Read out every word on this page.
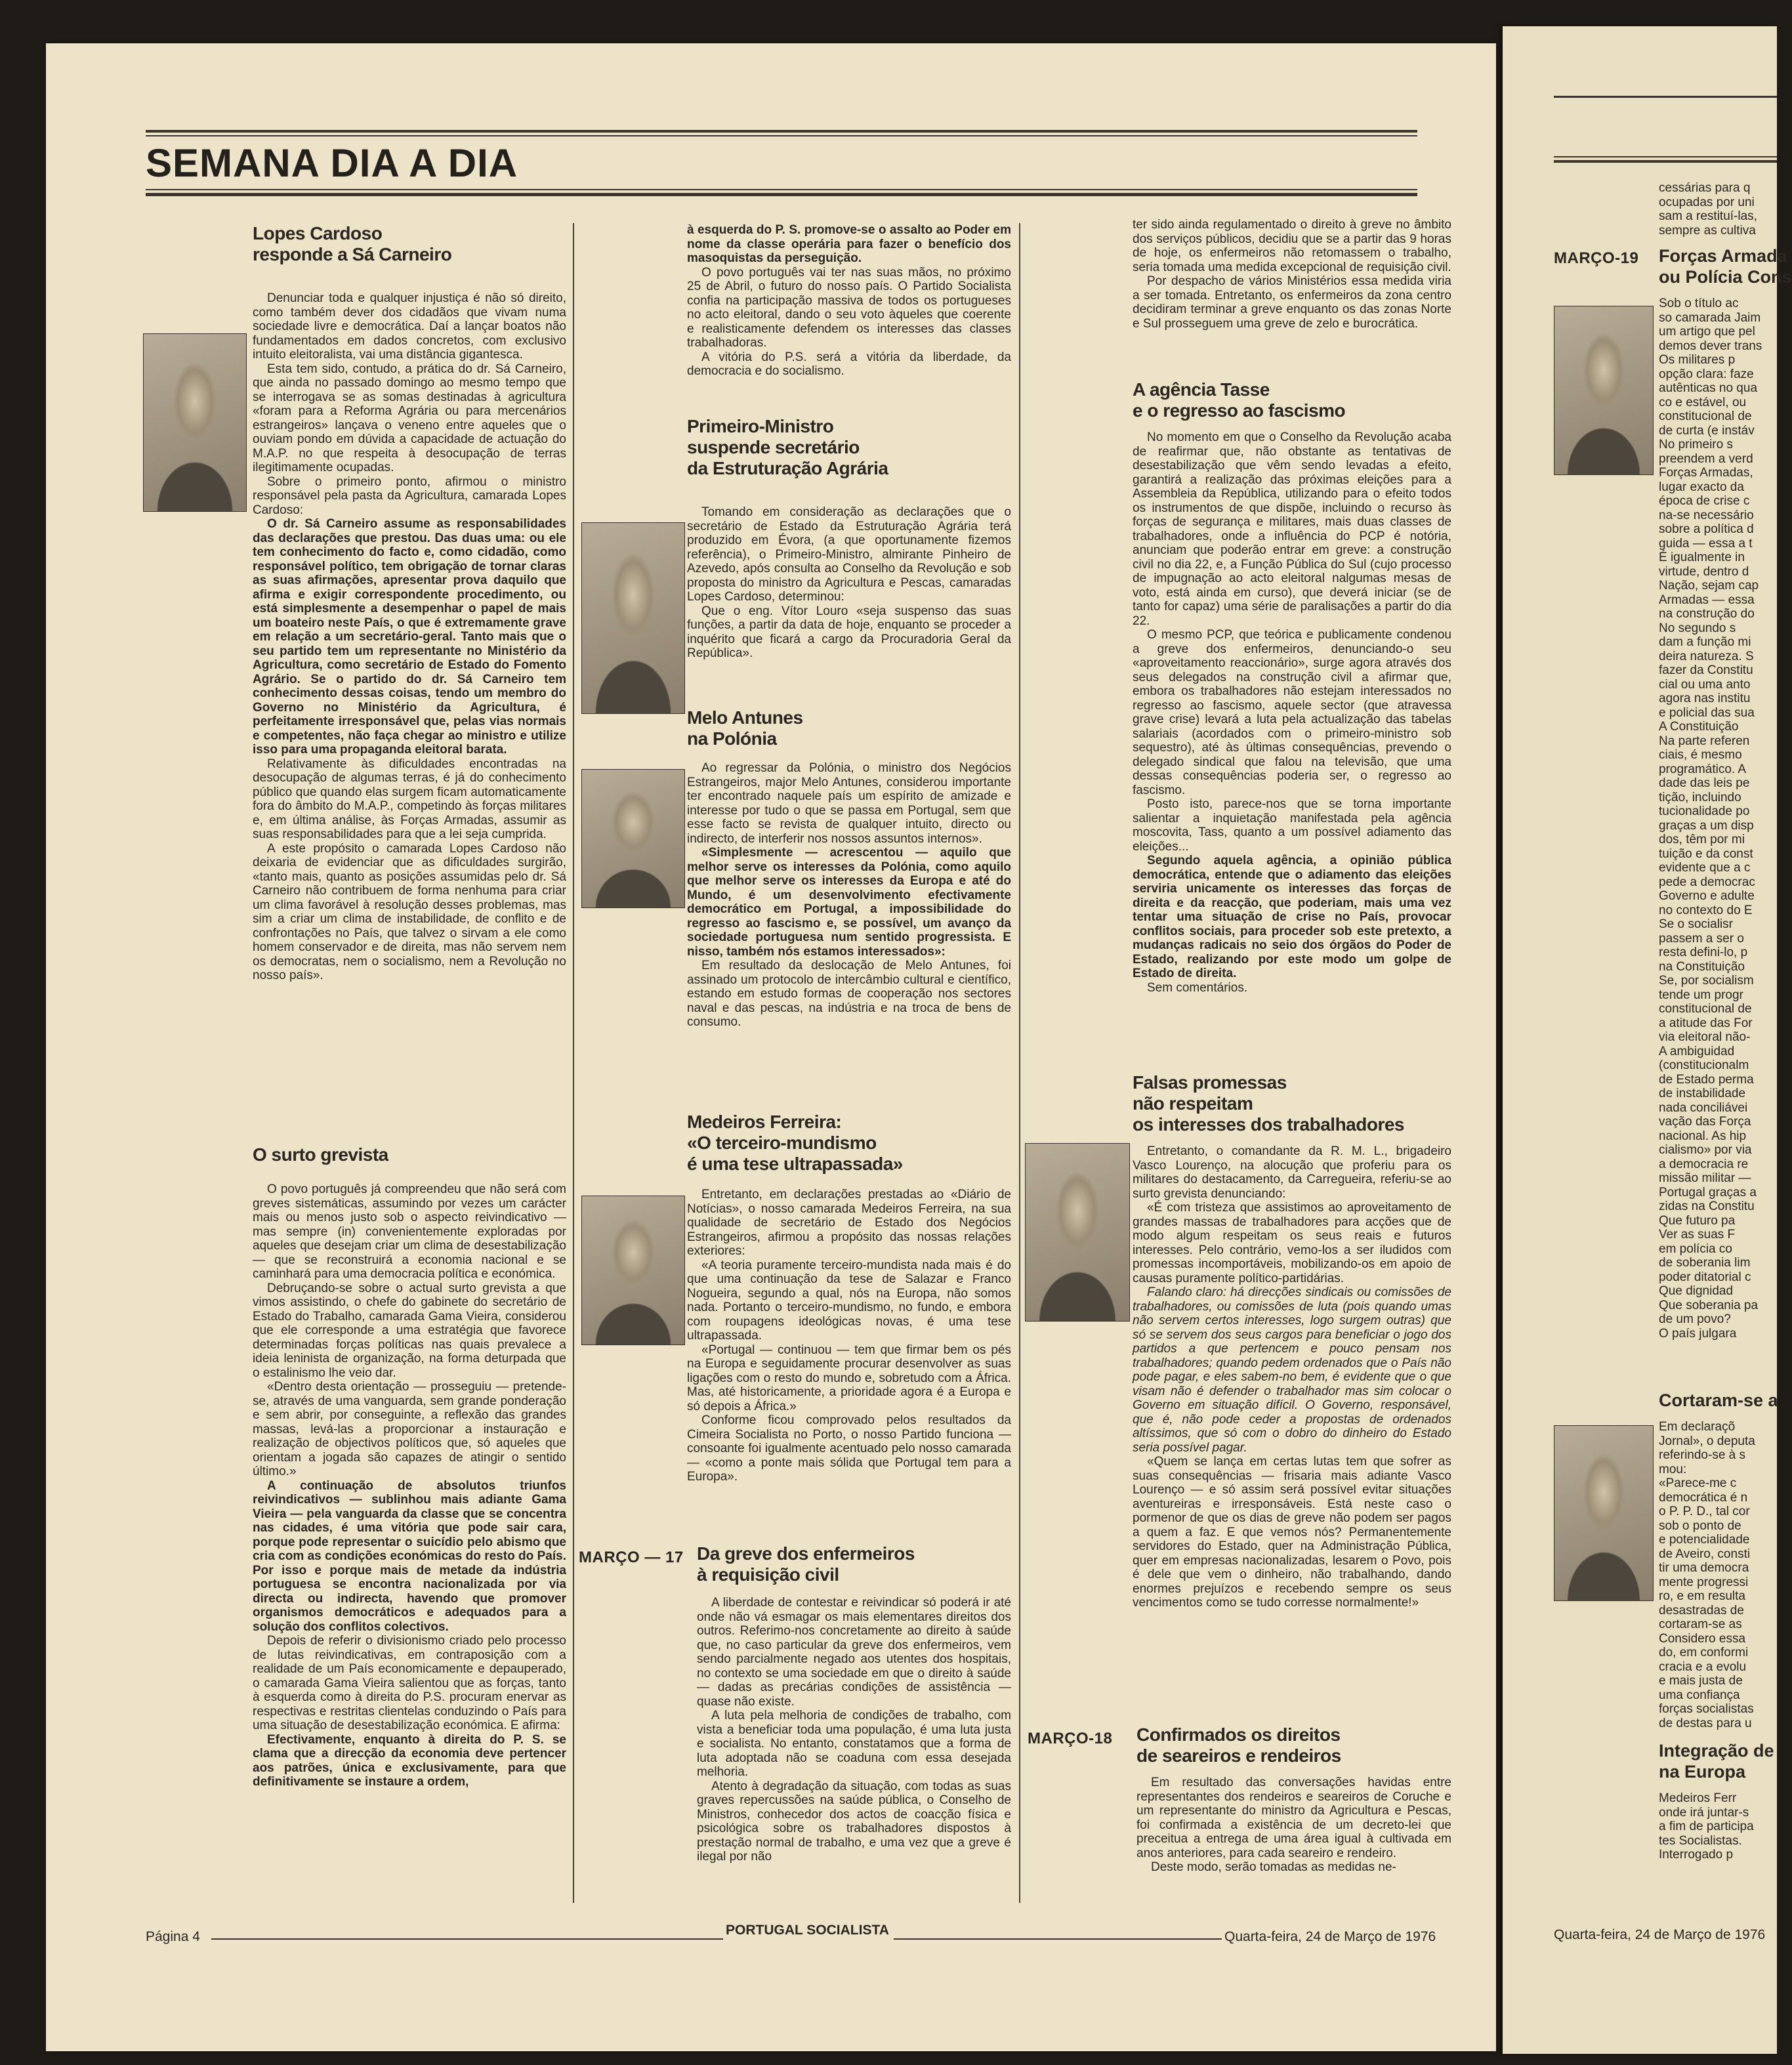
SEMANA DIA A DIA
Lopes Cardoso
responde a Sá Carneiro

Denunciar toda e qualquer injustiça é não só direito, como também dever dos cidadãos que vivam numa sociedade livre e democrática. Daí a lançar boatos não fundamentados em dados concretos, com exclusivo intuito eleitoralista, vai uma distância gigantesca.

Esta tem sido, contudo, a prática do dr. Sá Carneiro, que ainda no passado domingo ao mesmo tempo que se interrogava se as somas destinadas à agricultura «foram para a Reforma Agrária ou para mercenários estrangeiros» lançava o veneno entre aqueles que o ouviam pondo em dúvida a capacidade de actuação do M.A.P. no que respeita à desocupação de terras ilegitimamente ocupadas.

Sobre o primeiro ponto, afirmou o ministro responsável pela pasta da Agricultura, camarada Lopes Cardoso:

O dr. Sá Carneiro assume as responsabilidades das declarações que prestou. Das duas uma: ou ele tem conhecimento do facto e, como cidadão, como responsável político, tem obrigação de tornar claras as suas afirmações, apresentar prova daquilo que afirma e exigir correspondente procedimento, ou está simplesmente a desempenhar o papel de mais um boateiro neste País, o que é extremamente grave em relação a um secretário-geral. Tanto mais que o seu partido tem um representante no Ministério da Agricultura, como secretário de Estado do Fomento Agrário. Se o partido do dr. Sá Carneiro tem conhecimento dessas coisas, tendo um membro do Governo no Ministério da Agricultura, é perfeitamente irresponsável que, pelas vias normais e competentes, não faça chegar ao ministro e utilize isso para uma propaganda eleitoral barata.

Relativamente às dificuldades encontradas na desocupação de algumas terras, é já do conhecimento público que quando elas surgem ficam automaticamente fora do âmbito do M.A.P., competindo às forças militares e, em última análise, às Forças Armadas, assumir as suas responsabilidades para que a lei seja cumprida.

A este propósito o camarada Lopes Cardoso não deixaria de evidenciar que as dificuldades surgirão, «tanto mais, quanto as posições assumidas pelo dr. Sá Carneiro não contribuem de forma nenhuma para criar um clima favorável à resolução desses problemas, mas sim a criar um clima de instabilidade, de conflito e de confrontações no País, que talvez o sirvam a ele como homem conservador e de direita, mas não servem nem os democratas, nem o socialismo, nem a Revolução no nosso país».

O surto grevista

O povo português já compreendeu que não será com greves sistemáticas, assumindo por vezes um carácter mais ou menos justo sob o aspecto reivindicativo — mas sempre (in) convenientemente exploradas por aqueles que desejam criar um clima de desestabilização — que se reconstruirá a economia nacional e se caminhará para uma democracia política e económica.

Debruçando-se sobre o actual surto grevista a que vimos assistindo, o chefe do gabinete do secretário de Estado do Trabalho, camarada Gama Vieira, considerou que ele corresponde a uma estratégia que favorece determinadas forças políticas nas quais prevalece a ideia leninista de organização, na forma deturpada que o estalinismo lhe veio dar.

«Dentro desta orientação — prosseguiu — pretende-se, através de uma vanguarda, sem grande ponderação e sem abrir, por conseguinte, a reflexão das grandes massas, levá-las a proporcionar a instauração e realização de objectivos políticos que, só aqueles que orientam a jogada são capazes de atingir o sentido último.»

A continuação de absolutos triunfos reivindicativos — sublinhou mais adiante Gama Vieira — pela vanguarda da classe que se concentra nas cidades, é uma vitória que pode sair cara, porque pode representar o suicídio pelo abismo que cria com as condições económicas do resto do País. Por isso e porque mais de metade da indústria portuguesa se encontra nacionalizada por via directa ou indirecta, havendo que promover organismos democráticos e adequados para a solução dos conflitos colectivos.

Depois de referir o divisionismo criado pelo processo de lutas reivindicativas, em contraposição com a realidade de um País economicamente e depauperado, o camarada Gama Vieira salientou que as forças, tanto à esquerda como à direita do P.S. procuram enervar as respectivas e restritas clientelas conduzindo o País para uma situação de desestabilização económica. E afirma:

Efectivamente, enquanto à direita do P. S. se clama que a direcção da economia deve pertencer aos patrões, única e exclusivamente, para que definitivamente se instaure a ordem,

à esquerda do P. S. promove-se o assalto ao Poder em nome da classe operária para fazer o benefício dos masoquistas da perseguição.

O povo português vai ter nas suas mãos, no próximo 25 de Abril, o futuro do nosso país. O Partido Socialista confia na participação massiva de todos os portugueses no acto eleitoral, dando o seu voto àqueles que coerente e realisticamente defendem os interesses das classes trabalhadoras.

A vitória do P.S. será a vitória da liberdade, da democracia e do socialismo.

Primeiro-Ministro
suspende secretário
da Estruturação Agrária

Tomando em consideração as declarações que o secretário de Estado da Estruturação Agrária terá produzido em Évora, (a que oportunamente fizemos referência), o Primeiro-Ministro, almirante Pinheiro de Azevedo, após consulta ao Conselho da Revolução e sob proposta do ministro da Agricultura e Pescas, camaradas Lopes Cardoso, determinou:

Que o eng. Vítor Louro «seja suspenso das suas funções, a partir da data de hoje, enquanto se proceder a inquérito que ficará a cargo da Procuradoria Geral da República».

Melo Antunes
na Polónia

Ao regressar da Polónia, o ministro dos Negócios Estrangeiros, major Melo Antunes, considerou importante ter encontrado naquele país um espírito de amizade e interesse por tudo o que se passa em Portugal, sem que esse facto se revista de qualquer intuito, directo ou indirecto, de interferir nos nossos assuntos internos».

«Simplesmente — acrescentou — aquilo que melhor serve os interesses da Polónia, como aquilo que melhor serve os interesses da Europa e até do Mundo, é um desenvolvimento efectivamente democrático em Portugal, a impossibilidade do regresso ao fascismo e, se possível, um avanço da sociedade portuguesa num sentido progressista. E nisso, também nós estamos interessados»:

Em resultado da deslocação de Melo Antunes, foi assinado um protocolo de intercâmbio cultural e científico, estando em estudo formas de cooperação nos sectores naval e das pescas, na indústria e na troca de bens de consumo.

Medeiros Ferreira:
«O terceiro-mundismo
é uma tese ultrapassada»

Entretanto, em declarações prestadas ao «Diário de Notícias», o nosso camarada Medeiros Ferreira, na sua qualidade de secretário de Estado dos Negócios Estrangeiros, afirmou a propósito das nossas relações exteriores:

«A teoria puramente terceiro-mundista nada mais é do que uma continuação da tese de Salazar e Franco Nogueira, segundo a qual, nós na Europa, não somos nada. Portanto o terceiro-mundismo, no fundo, e embora com roupagens ideológicas novas, é uma tese ultrapassada.

«Portugal — continuou — tem que firmar bem os pés na Europa e seguidamente procurar desenvolver as suas ligações com o resto do mundo e, sobretudo com a África. Mas, até historicamente, a prioridade agora é a Europa e só depois a África.»

Conforme ficou comprovado pelos resultados da Cimeira Socialista no Porto, o nosso Partido funciona — consoante foi igualmente acentuado pelo nosso camarada — «como a ponte mais sólida que Portugal tem para a Europa».

MARÇO — 17 Da greve dos enfermeiros
à requisição civil

A liberdade de contestar e reivindicar só poderá ir até onde não vá esmagar os mais elementares direitos dos outros. Referimo-nos concretamente ao direito à saúde que, no caso particular da greve dos enfermeiros, vem sendo parcialmente negado aos utentes dos hospitais, no contexto se uma sociedade em que o direito à saúde — dadas as precárias condições de assistência — quase não existe.

A luta pela melhoria de condições de trabalho, com vista a beneficiar toda uma população, é uma luta justa e socialista. No entanto, constatamos que a forma de luta adoptada não se coaduna com essa desejada melhoria.

Atento à degradação da situação, com todas as suas graves repercussões na saúde pública, o Conselho de Ministros, conhecedor dos actos de coacção física e psicológica sobre os trabalhadores dispostos à prestação normal de trabalho, e uma vez que a greve é ilegal por não

ter sido ainda regulamentado o direito à greve no âmbito dos serviços públicos, decidiu que se a partir das 9 horas de hoje, os enfermeiros não retomassem o trabalho, seria tomada uma medida excepcional de requisição civil.

Por despacho de vários Ministérios essa medida viria a ser tomada. Entretanto, os enfermeiros da zona centro decidiram terminar a greve enquanto os das zonas Norte e Sul prosseguem uma greve de zelo e burocrática.

A agência Tasse
e o regresso ao fascismo

No momento em que o Conselho da Revolução acaba de reafirmar que, não obstante as tentativas de desestabilização que vêm sendo levadas a efeito, garantirá a realização das próximas eleições para a Assembleia da República, utilizando para o efeito todos os instrumentos de que dispõe, incluindo o recurso às forças de segurança e militares, mais duas classes de trabalhadores, onde a influência do PCP é notória, anunciam que poderão entrar em greve: a construção civil no dia 22, e, a Função Pública do Sul (cujo processo de impugnação ao acto eleitoral nalgumas mesas de voto, está ainda em curso), que deverá iniciar (se de tanto for capaz) uma série de paralisações a partir do dia 22.

O mesmo PCP, que teórica e publicamente condenou a greve dos enfermeiros, denunciando-o seu «aproveitamento reaccionário», surge agora através dos seus delegados na construção civil a afirmar que, embora os trabalhadores não estejam interessados no regresso ao fascismo, aquele sector (que atravessa grave crise) levará a luta pela actualização das tabelas salariais (acordados com o primeiro-ministro sob sequestro), até às últimas consequências, prevendo o delegado sindical que falou na televisão, que uma dessas consequências poderia ser, o regresso ao fascismo.

Posto isto, parece-nos que se torna importante salientar a inquietação manifestada pela agência moscovita, Tass, quanto a um possível adiamento das eleições...

Segundo aquela agência, a opinião pública democrática, entende que o adiamento das eleições serviria unicamente os interesses das forças de direita e da reacção, que poderiam, mais uma vez tentar uma situação de crise no País, provocar conflitos sociais, para proceder sob este pretexto, a mudanças radicais no seio dos órgãos do Poder de Estado, realizando por este modo um golpe de Estado de direita.

Sem comentários.

Falsas promessas
não respeitam
os interesses dos trabalhadores

Entretanto, o comandante da R. M. L., brigadeiro Vasco Lourenço, na alocução que proferiu para os militares do destacamento, da Carregueira, referiu-se ao surto grevista denunciando:

«É com tristeza que assistimos ao aproveitamento de grandes massas de trabalhadores para acções que de modo algum respeitam os seus reais e futuros interesses. Pelo contrário, vemo-los a ser iludidos com promessas incomportáveis, mobilizando-os em apoio de causas puramente político-partidárias.

Falando claro: há direcções sindicais ou comissões de trabalhadores, ou comissões de luta (pois quando umas não servem certos interesses, logo surgem outras) que só se servem dos seus cargos para beneficiar o jogo dos partidos a que pertencem e pouco pensam nos trabalhadores; quando pedem ordenados que o País não pode pagar, e eles sabem-no bem, é evidente que o que visam não é defender o trabalhador mas sim colocar o Governo em situação difícil. O Governo, responsável, que é, não pode ceder a propostas de ordenados altíssimos, que só com o dobro do dinheiro do Estado seria possível pagar.

«Quem se lança em certas lutas tem que sofrer as suas consequências — frisaria mais adiante Vasco Lourenço — e só assim será possível evitar situações aventureiras e irresponsáveis. Está neste caso o pormenor de que os dias de greve não podem ser pagos a quem a faz. E que vemos nós? Permanentemente servidores do Estado, quer na Administração Pública, quer em empresas nacionalizadas, lesarem o Povo, pois é dele que vem o dinheiro, não trabalhando, dando enormes prejuízos e recebendo sempre os seus vencimentos como se tudo corresse normalmente!»

MARÇO-18 Confirmados os direitos
de seareiros e rendeiros

Em resultado das conversações havidas entre representantes dos rendeiros e seareiros de Coruche e um representante do ministro da Agricultura e Pescas, foi confirmada a existência de um decreto-lei que preceitua a entrega de uma área igual à cultivada em anos anteriores, para cada seareiro e rendeiro.

Deste modo, serão tomadas as medidas ne-

Página 4	PORTUGAL SOCIALISTA	Quarta-feira, 24 de Março de 1976
cessárias para q
ocupadas por uni
sam a restituí-las,
sempre as cultiva
MARÇO-19 Forças Armada
ou Polícia Cons
Sob o título ac
so camarada Jaim
um artigo que pel
demos dever trans
Os militares p
opção clara: faze
autênticas no qua
co e estável, ou
constitucional de
de curta (e instáv
No primeiro s
preendem a verd
Forças Armadas,
lugar exacto da
época de crise c
na-se necessário
sobre a política d
guida — essa a t
É igualmente in
virtude, dentro d
Nação, sejam cap
Armadas — essa
na construção do
No segundo s
dam a função mi
deira natureza. S
fazer da Constitu
cial ou uma anto
agora nas institu
e policial das sua
A Constituição
Na parte referen
ciais, é mesmo
programático. A
dade das leis pe
tição, incluindo
tucionalidade po
graças a um disp
dos, têm por mi
tuição e da const
evidente que a c
pede a democrac
Governo e adulte
no contexto do E
Se o socialisr
passem a ser o
resta defini-lo, p
na Constituição
Se, por socialism
tende um progr
constitucional de
a atitude das For
via eleitoral não-
A ambiguidad
(constitucionalm
de Estado perma
de instabilidade
nada conciliávei
vação das Força
nacional. As hip
cialismo» por via
a democracia re
missão militar —
Portugal graças a
zidas na Constitu
Que futuro pa
Ver as suas F
em polícia co
de soberania lim
poder ditatorial c
Que dignidad
Que soberania pa
de um povo?
O país julgara
Cortaram-se a
Em declaraçõ
Jornal», o deputa
referindo-se à s
mou:
«Parece-me c
democrática é n
o P. P. D., tal cor
sob o ponto de
e potencialidade
de Aveiro, consti
tir uma democra
mente progressi
ro, e em resulta
desastradas de
cortaram-se as
Considero essa
do, em conformi
cracia e a evolu
e mais justa de
uma confiança
forças socialistas
de destas para u
Integração de
na Europa
Medeiros Ferr
onde irá juntar-s
a fim de participa
tes Socialistas.
Interrogado p
Quarta-feira, 24 de Março de 1976
